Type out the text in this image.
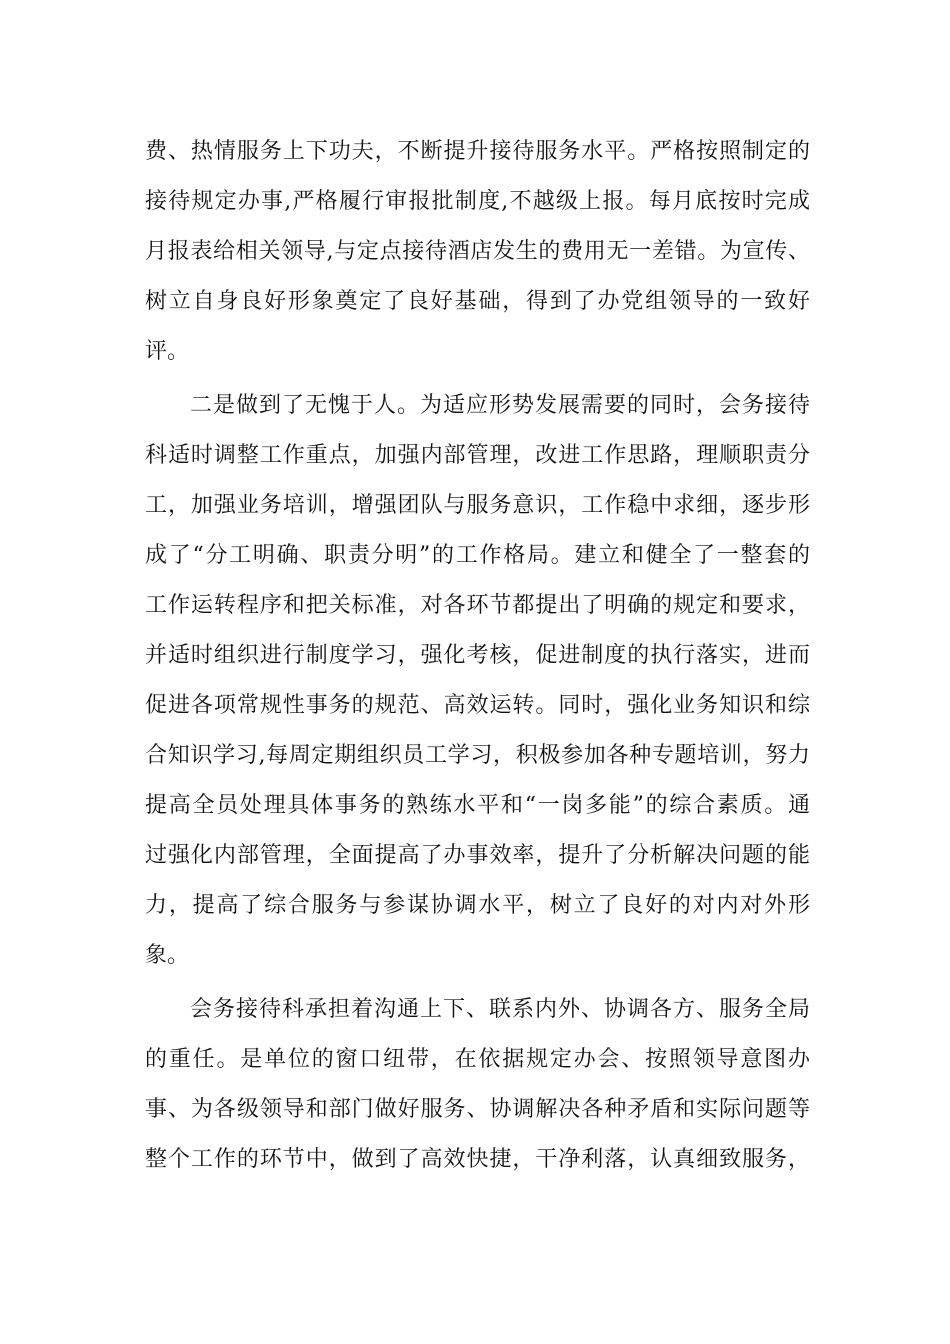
费、热情服务上下功夫，不断提升接待服务水平。严格按照制定的
接待规定办事,严格履行审报批制度,不越级上报。每月底按时完成
月报表给相关领导,与定点接待酒店发生的费用无一差错。为宣传、
树立自身良好形象奠定了良好基础，得到了办党组领导的一致好
评。
二是做到了无愧于人。为适应形势发展需要的同时，会务接待
科适时调整工作重点，加强内部管理，改进工作思路，理顺职责分
工，加强业务培训，增强团队与服务意识，工作稳中求细，逐步形
成了“分工明确、职责分明”的工作格局。建立和健全了一整套的
工作运转程序和把关标准，对各环节都提出了明确的规定和要求，
并适时组织进行制度学习，强化考核，促进制度的执行落实，进而
促进各项常规性事务的规范、高效运转。同时，强化业务知识和综
合知识学习,每周定期组织员工学习，积极参加各种专题培训，努力
提高全员处理具体事务的熟练水平和“一岗多能”的综合素质。通
过强化内部管理，全面提高了办事效率，提升了分析解决问题的能
力，提高了综合服务与参谋协调水平，树立了良好的对内对外形
象。
会务接待科承担着沟通上下、联系内外、协调各方、服务全局
的重任。是单位的窗口纽带，在依据规定办会、按照领导意图办
事、为各级领导和部门做好服务、协调解决各种矛盾和实际问题等
整个工作的环节中，做到了高效快捷，干净利落，认真细致服务，
